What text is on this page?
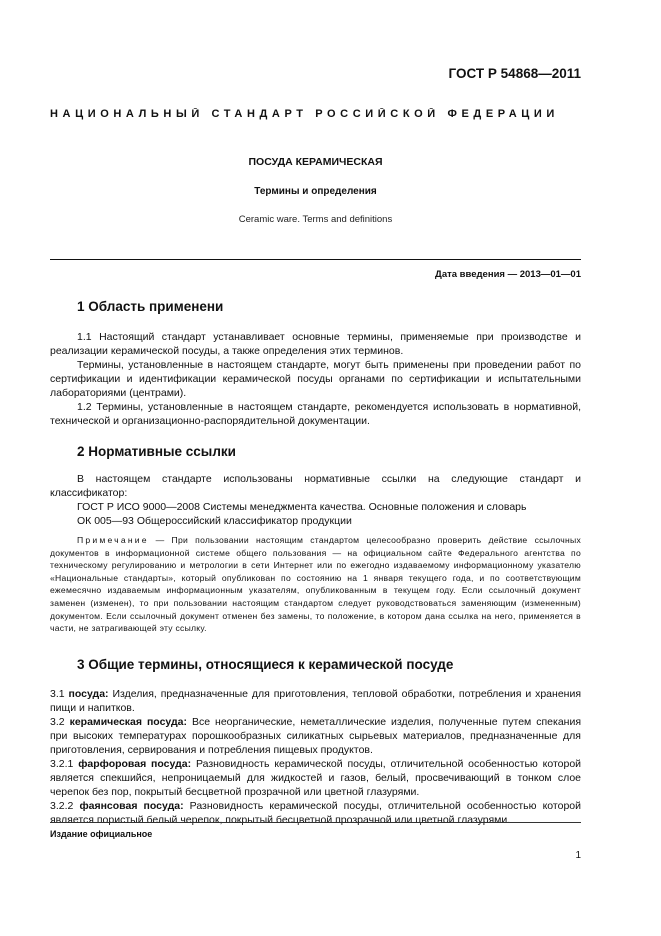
ГОСТ Р 54868—2011
НАЦИОНАЛЬНЫЙ СТАНДАРТ РОССИЙСКОЙ ФЕДЕРАЦИИ
ПОСУДА КЕРАМИЧЕСКАЯ
Термины и определения
Ceramic ware. Terms and definitions
Дата введения — 2013—01—01
1 Область применени

1.1 Настоящий стандарт устанавливает основные термины, применяемые при производстве и реализации керамической посуды, а также определения этих терминов.

Термины, установленные в настоящем стандарте, могут быть применены при проведении работ по сертификации и идентификации керамической посуды органами по сертификации и испытательными лабораториями (центрами).

1.2 Термины, установленные в настоящем стандарте, рекомендуется использовать в нормативной, технической и организационно-распорядительной документации.

2 Нормативные ссылки

В настоящем стандарте использованы нормативные ссылки на следующие стандарт и классификатор:

ГОСТ Р ИСО 9000—2008 Системы менеджмента качества. Основные положения и словарь

ОК 005—93 Общероссийский классификатор продукции

Примечание — При пользовании настоящим стандартом целесообразно проверить действие ссылочных документов в информационной системе общего пользования — на официальном сайте Федерального агентства по техническому регулированию и метрологии в сети Интернет или по ежегодно издаваемому информационному указателю «Национальные стандарты», который опубликован по состоянию на 1 января текущего года, и по соответствующим ежемесячно издаваемым информационным указателям, опубликованным в текущем году. Если ссылочный документ заменен (изменен), то при пользовании настоящим стандартом следует руководствоваться заменяющим (измененным) документом. Если ссылочный документ отменен без замены, то положение, в котором дана ссылка на него, применяется в части, не затрагивающей эту ссылку.

3 Общие термины, относящиеся к керамической посуде

3.1 посуда: Изделия, предназначенные для приготовления, тепловой обработки, потребления и хранения пищи и напитков.

3.2 керамическая посуда: Все неорганические, неметаллические изделия, полученные путем спекания при высоких температурах порошкообразных силикатных сырьевых материалов, предназначенные для приготовления, сервирования и потребления пищевых продуктов.

3.2.1 фарфоровая посуда: Разновидность керамической посуды, отличительной особенностью которой является спекшийся, непроницаемый для жидкостей и газов, белый, просвечивающий в тонком слое черепок без пор, покрытый бесцветной прозрачной или цветной глазурями.

3.2.2 фаянсовая посуда: Разновидность керамической посуды, отличительной особенностью которой является пористый белый черепок, покрытый бесцветной прозрачной или цветной глазурями.

Издание официальное
1
